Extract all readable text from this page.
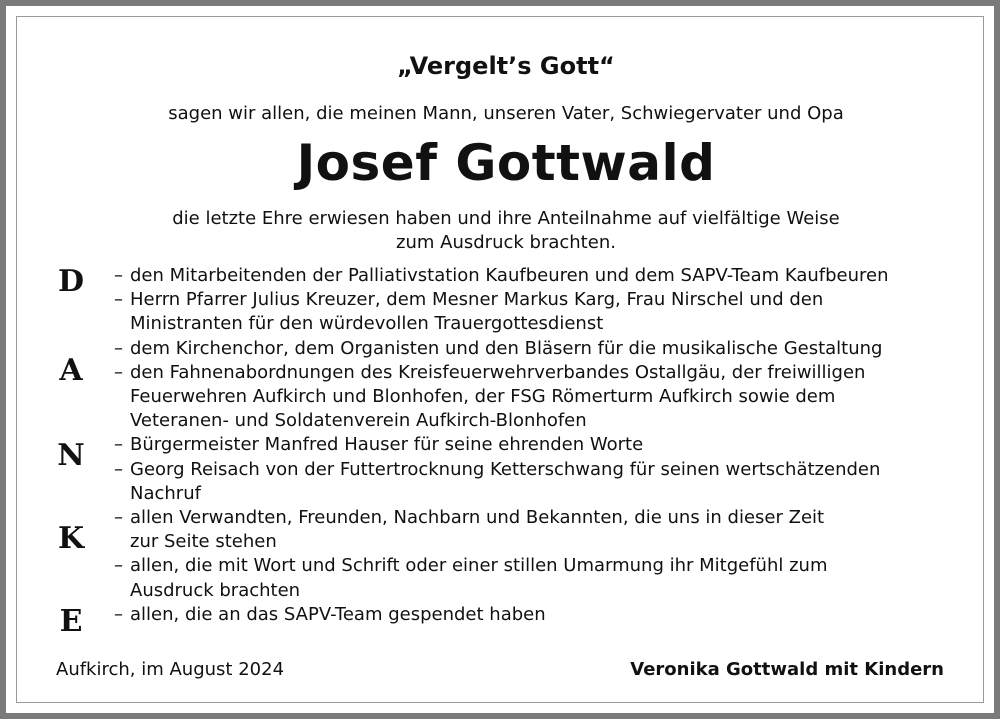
„Vergelt’s Gott“
sagen wir allen, die meinen Mann, unseren Vater, Schwiegervater und Opa
Josef Gottwald
die letzte Ehre erwiesen haben und ihre Anteilnahme auf vielfältige Weise
zum Ausdruck brachten.
D
A
N
K
E
– den Mitarbeitenden der Palliativstation Kaufbeuren und dem SAPV-Team Kaufbeuren
– Herrn Pfarrer Julius Kreuzer, dem Mesner Markus Karg, Frau Nirschel und den
Ministranten für den würdevollen Trauergottesdienst
– dem Kirchenchor, dem Organisten und den Bläsern für die musikalische Gestaltung
– den Fahnenabordnungen des Kreisfeuerwehrverbandes Ostallgäu, der freiwilligen
Feuerwehren Aufkirch und Blonhofen, der FSG Römerturm Aufkirch sowie dem
Veteranen- und Soldatenverein Aufkirch-Blonhofen
– Bürgermeister Manfred Hauser für seine ehrenden Worte
– Georg Reisach von der Futtertrocknung Ketterschwang für seinen wertschätzenden
Nachruf
– allen Verwandten, Freunden, Nachbarn und Bekannten, die uns in dieser Zeit
zur Seite stehen
– allen, die mit Wort und Schrift oder einer stillen Umarmung ihr Mitgefühl zum
Ausdruck brachten
– allen, die an das SAPV-Team gespendet haben
Aufkirch, im August 2024	Veronika Gottwald mit Kindern
